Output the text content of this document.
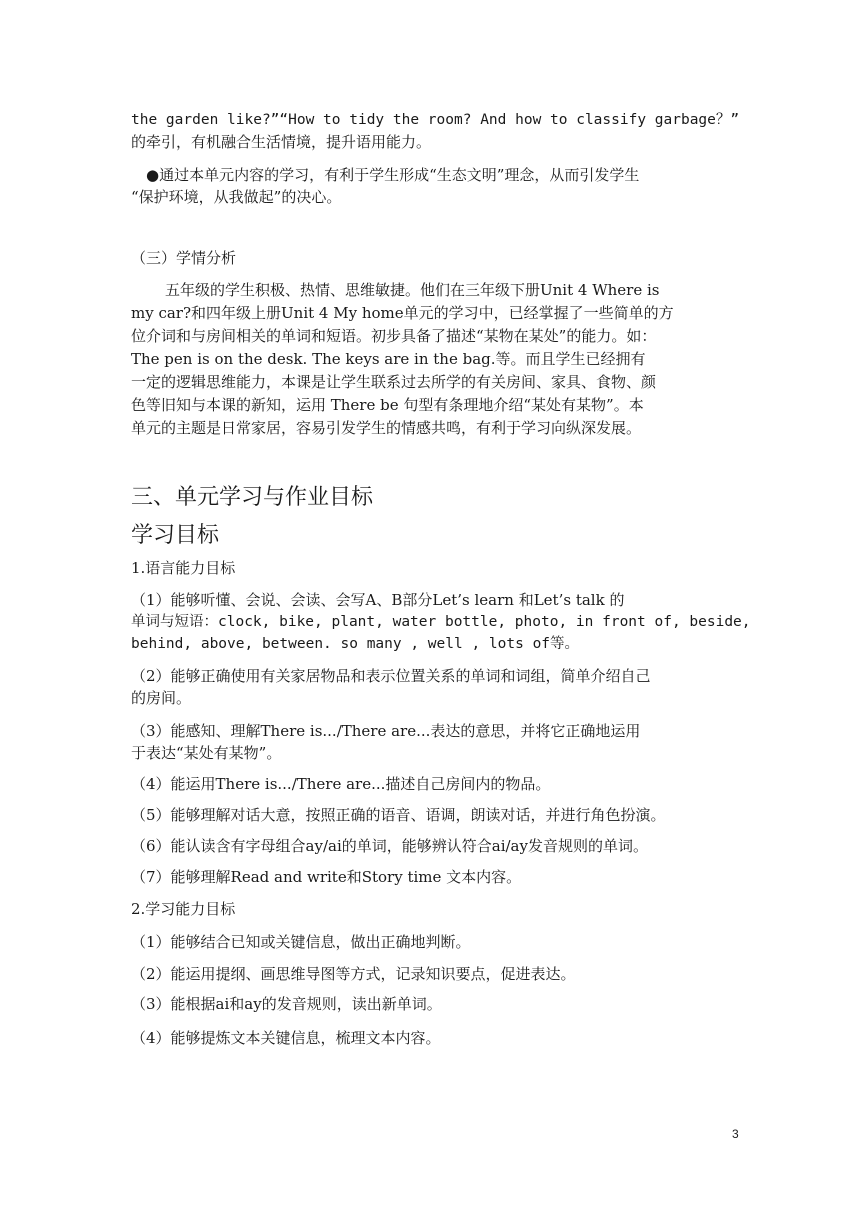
the garden like?”“How to tidy the room? And how to classify garbage？”
的牵引，有机融合生活情境，提升语用能力。
●通过本单元内容的学习，有利于学生形成“生态文明”理念，从而引发学生
“保护环境，从我做起”的决心。
（三）学情分析
五年级的学生积极、热情、思维敏捷。他们在三年级下册Unit 4 Where is
my car?和四年级上册Unit 4 My home单元的学习中，已经掌握了一些简单的方
位介词和与房间相关的单词和短语。初步具备了描述“某物在某处”的能力。如：
The pen is on the desk. The keys are in the bag.等。而且学生已经拥有
一定的逻辑思维能力，本课是让学生联系过去所学的有关房间、家具、食物、颜
色等旧知与本课的新知，运用 There be 句型有条理地介绍“某处有某物”。本
单元的主题是日常家居，容易引发学生的情感共鸣，有利于学习向纵深发展。
三、单元学习与作业目标
学习目标
1.语言能力目标
（1）能够听懂、会说、会读、会写A、B部分Let’s learn 和Let’s talk 的
单词与短语：clock, bike, plant, water bottle, photo, in front of, beside,
behind, above, between. so many , well , lots of等。
（2）能够正确使用有关家居物品和表示位置关系的单词和词组，简单介绍自己
的房间。
（3）能感知、理解There is.../There are...表达的意思，并将它正确地运用
于表达“某处有某物”。
（4）能运用There is.../There are...描述自己房间内的物品。
（5）能够理解对话大意，按照正确的语音、语调，朗读对话，并进行角色扮演。
（6）能认读含有字母组合ay/ai的单词，能够辨认符合ai/ay发音规则的单词。
（7）能够理解Read and write和Story time 文本内容。
2.学习能力目标
（1）能够结合已知或关键信息，做出正确地判断。
（2）能运用提纲、画思维导图等方式，记录知识要点，促进表达。
（3）能根据ai和ay的发音规则，读出新单词。
（4）能够提炼文本关键信息，梳理文本内容。
3
